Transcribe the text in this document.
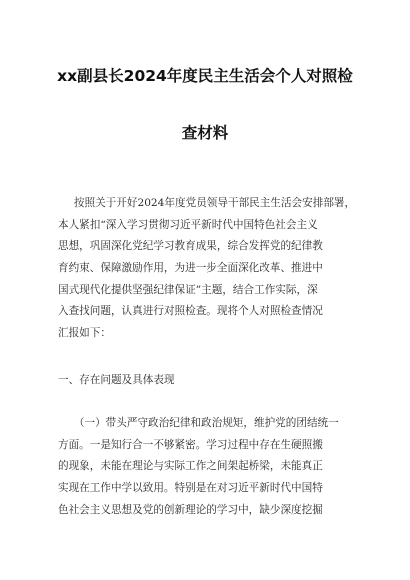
xx副县长2024年度民主生活会个人对照检
查材料
按照关于开好2024年度党员领导干部民主生活会安排部署，
本人紧扣“深入学习贯彻习近平新时代中国特色社会主义
思想，巩固深化党纪学习教育成果，综合发挥党的纪律教
育约束、保障激励作用，为进一步全面深化改革、推进中
国式现代化提供坚强纪律保证”主题，结合工作实际，深
入查找问题，认真进行对照检查。现将个人对照检查情况
汇报如下：
一、存在问题及具体表现
（一）带头严守政治纪律和政治规矩，维护党的团结统一
方面。一是知行合一不够紧密。学习过程中存在生硬照搬
的现象，未能在理论与实际工作之间架起桥梁，未能真正
实现在工作中学以致用。特别是在对习近平新时代中国特
色社会主义思想及党的创新理论的学习中，缺少深度挖掘
